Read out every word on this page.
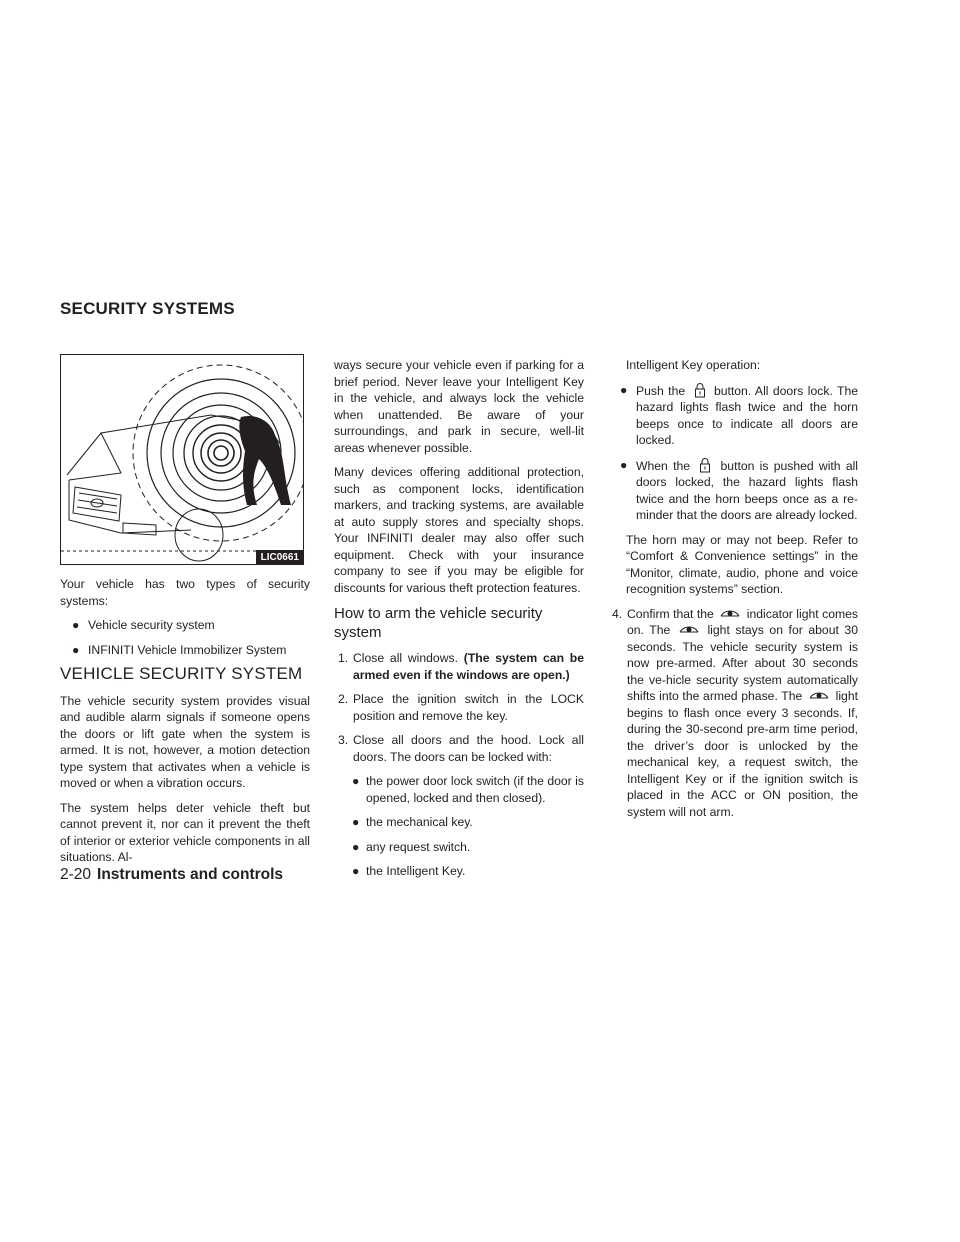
SECURITY SYSTEMS
LIC0661

Your vehicle has two types of security systems:

● Vehicle security system
● INFINITI Vehicle Immobilizer System
VEHICLE SECURITY SYSTEM

The vehicle security system provides visual and audible alarm signals if someone opens the doors or lift gate when the system is armed. It is not, however, a motion detection type system that activates when a vehicle is moved or when a vibration occurs.

The system helps deter vehicle theft but cannot prevent it, nor can it prevent the theft of interior or exterior vehicle components in all situations. Al-

ways secure your vehicle even if parking for a brief period. Never leave your Intelligent Key in the vehicle, and always lock the vehicle when unattended. Be aware of your surroundings, and park in secure, well-lit areas whenever possible.

Many devices offering additional protection, such as component locks, identification markers, and tracking systems, are available at auto supply stores and specialty shops. Your INFINITI dealer may also offer such equipment. Check with your insurance company to see if you may be eligible for discounts for various theft protection features.

How to arm the vehicle security system
1. Close all windows. (The system can be armed even if the windows are open.)
2. Place the ignition switch in the LOCK position and remove the key.
3. Close all doors and the hood. Lock all doors. The doors can be locked with:
● the power door lock switch (if the door is opened, locked and then closed).
● the mechanical key.
● any request switch.
● the Intelligent Key.

Intelligent Key operation:

● Push the button. All doors lock. The hazard lights flash twice and the horn beeps once to indicate all doors are locked.
● When the	button is pushed with all doors locked, the hazard lights flash twice and the horn beeps once as a re-minder that the doors are already locked.

The horn may or may not beep. Refer to “Comfort & Convenience settings” in the “Monitor, climate, audio, phone and voice recognition systems” section.

4. Confirm that the	indicator light comes on. The	light stays on for about 30 seconds. The vehicle security system is now pre-armed. After about 30 seconds the ve-hicle security system automatically shifts into the armed phase. The	light begins to flash once every 3 seconds. If, during the 30-second pre-arm time period, the driver’s door is unlocked by the mechanical key, a request switch, the Intelligent Key or if the ignition switch is placed in the ACC or ON position, the system will not arm.
2-20 Instruments and controls
